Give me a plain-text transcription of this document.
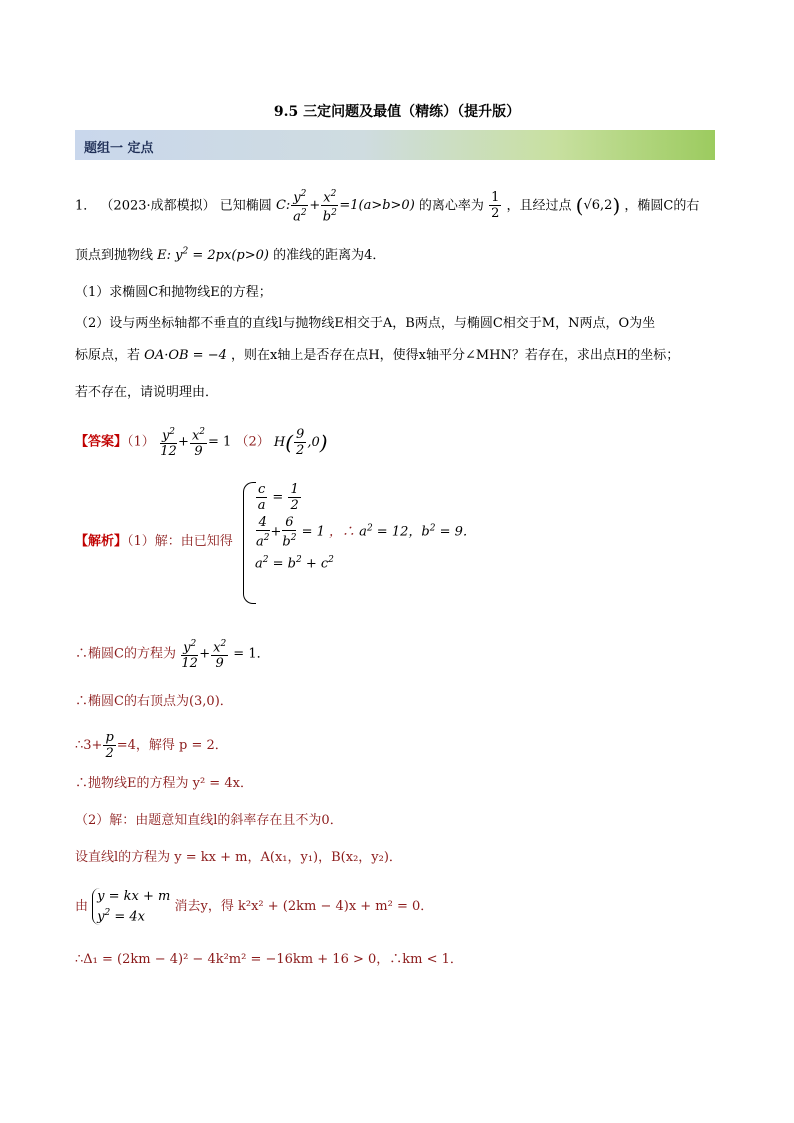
9.5 三定问题及最值（精练）（提升版）
题组一 定点
1． （2023·成都模拟） 已知椭圆 C: $\frac{y^2}{a^2} + \frac{x^2}{b^2} =1(a>b>0)$ 的离心率为 $\frac{1}{2}$ ，且经过点 (√6,2) ，椭圆C的右
顶点到抛物线 E: $y^2 = 2px(p>0)$ 的准线的距离为4．
（1）求椭圆C和抛物线E的方程；
（2）设与两坐标轴都不垂直的直线l与抛物线E相交于A，B两点，与椭圆C相交于M，N两点，O为坐
标原点，若 OA·OB = −4 ，则在x轴上是否存在点H，使得x轴平分∠MHN？若存在，求出点H的坐标；
若不存在，请说明理由．
【答案】$(1) \frac{y^2}{12} + \frac{x^2}{9} = 1$ （2） $H( \frac{9}{2} ,0)$
【解析】（1）解：由已知得
$\frac{c}{a} = \frac{1}{2}$
$\frac{4}{a^2} + \frac{6}{b^2} = 1$ ，∴ $a^2 = 12$，$b^2 = 9$．
$a^2 = b^2 + c^2$
∴椭圆C的方程为 $\frac{y^2}{12} + \frac{x^2}{9} = 1$．
∴椭圆C的右顶点为(3,0)．
∴3+ $\frac{p}{2} =4$，解得 p = 2．
∴抛物线E的方程为 y² = 4x．
（2）解：由题意知直线l的斜率存在且不为0．
设直线l的方程为 y = kx + m，A(x₁，y₁)，B(x₂，y₂)．
由 y = kx + m
$y^2 = 4x$ 消去y，得 k²x² + (2km − 4)x + m² = 0．
∴Δ₁ = (2km − 4)² − 4k²m² = −16km + 16 > 0，∴km < 1．
